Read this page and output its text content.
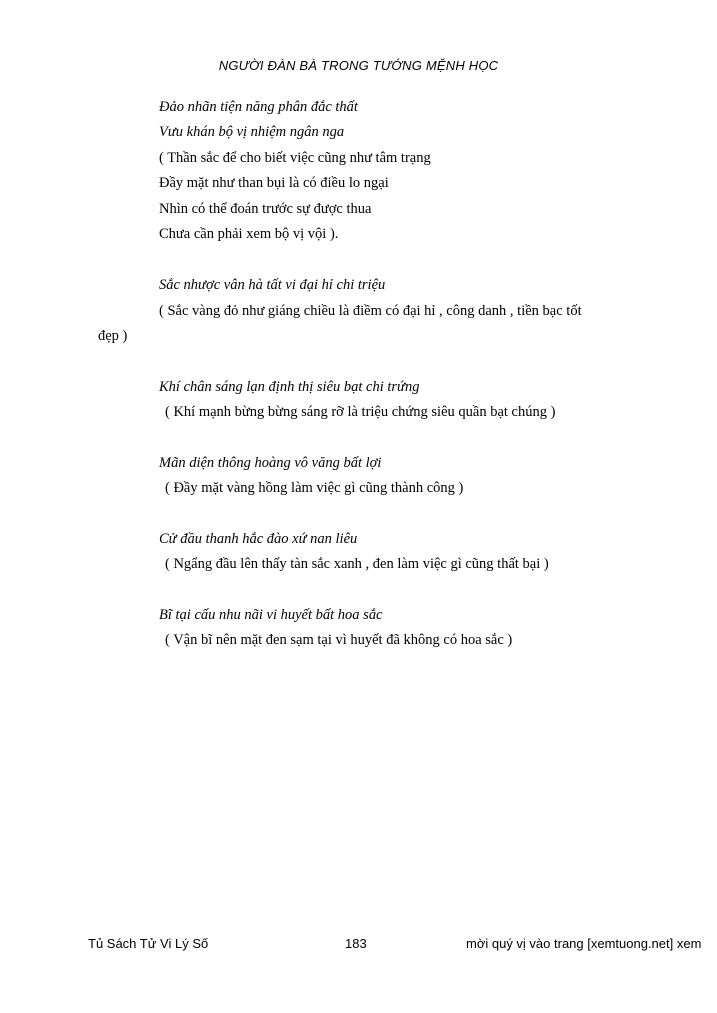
NGƯỜI ĐÀN BÀ TRONG TƯỚNG MỆNH HỌC
Đảo nhãn tiện năng phân đắc thất
Vưu khán bộ vị nhiệm ngân nga
( Thần sắc để cho biết việc cũng như tâm trạng
Đầy mặt như than bụi là có điều lo ngại
Nhìn có thể đoán trước sự được thua
Chưa cần phải xem bộ vị vội ).
Sắc nhược vân hà tất vi đại hỉ chi triệu
( Sắc vàng đỏ như giáng chiều là điềm có đại hỉ , công danh , tiền bạc tốt
đẹp )
Khí chân sáng lạn định thị siêu bạt chi trứng
( Khí mạnh bừng bừng sáng rỡ là triệu chứng siêu quần bạt chúng )
Mãn diện thông hoàng vô văng bất lợi
( Đầy mặt vàng hồng làm việc gì cũng thành công )
Cử đầu thanh hắc đào xứ nan liêu
( Ngẩng đầu lên thấy tàn sắc xanh , đen làm việc gì cũng thất bại )
Bĩ tại cấu nhu nãi vi huyết bất hoa sắc
( Vận bĩ nên mặt đen sạm tại vì huyết đã không có hoa sắc )
Tủ Sách Tử Vi Lý Số	183	mời quý vị vào trang [xemtuong.net] xem
